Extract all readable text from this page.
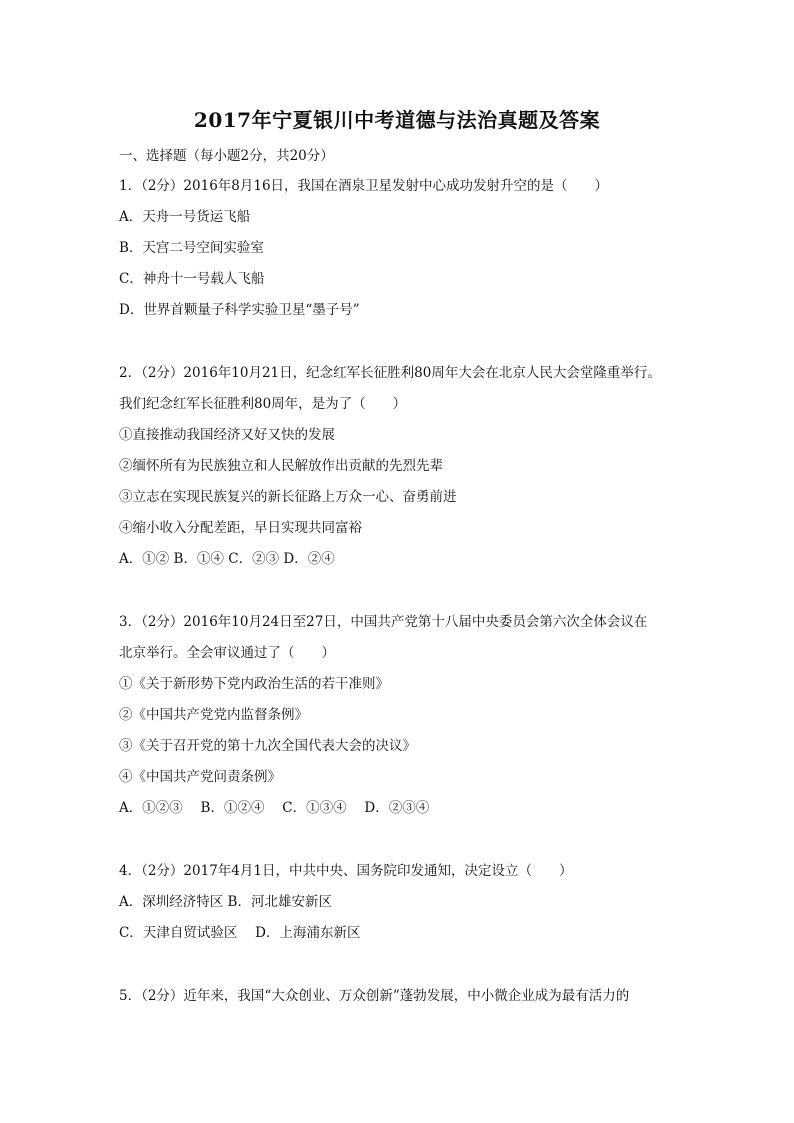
2017年宁夏银川中考道德与法治真题及答案
一、选择题（每小题2分，共20分）
1．（2分）2016年8月16日，我国在酒泉卫星发射中心成功发射升空的是（　　）
A．天舟一号货运飞船
B．天宫二号空间实验室
C．神舟十一号载人飞船
D．世界首颗量子科学实验卫星“墨子号”
2．（2分）2016年10月21日，纪念红军长征胜利80周年大会在北京人民大会堂隆重举行。
我们纪念红军长征胜利80周年，是为了（　　）
①直接推动我国经济又好又快的发展
②缅怀所有为民族独立和人民解放作出贡献的先烈先辈
③立志在实现民族复兴的新长征路上万众一心、奋勇前进
④缩小收入分配差距，早日实现共同富裕
A．①② B．①④ C．②③ D．②④
3．（2分）2016年10月24日至27日，中国共产党第十八届中央委员会第六次全体会议在
北京举行。全会审议通过了（　　）
①《关于新形势下党内政治生活的若干准则》
②《中国共产党党内监督条例》
③《关于召开党的第十九次全国代表大会的决议》
④《中国共产党问责条例》
A．①②③　 B．①②④　 C．①③④　 D．②③④
4．（2分）2017年4月1日，中共中央、国务院印发通知，决定设立（　　）
A．深圳经济特区 B．河北雄安新区
C．天津自贸试验区　 D．上海浦东新区
5．（2分）近年来，我国“大众创业、万众创新”蓬勃发展，中小微企业成为最有活力的
